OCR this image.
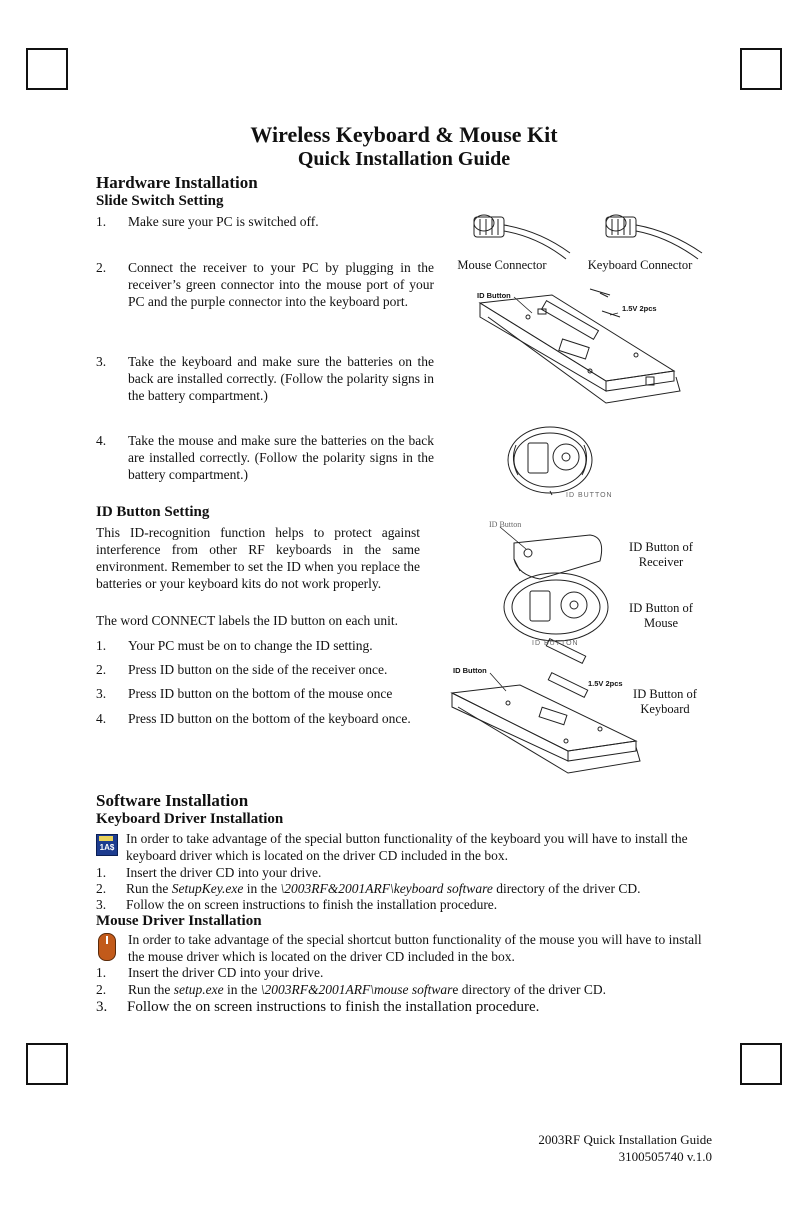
Wireless Keyboard & Mouse Kit
Quick Installation Guide
Hardware Installation
Slide Switch Setting
1. Make sure your PC is switched off.
2. Connect the receiver to your PC by plugging in the receiver’s green connector into the mouse port of your PC and the purple connector into the keyboard port.
3. Take the keyboard and make sure the batteries on the back are installed correctly. (Follow the polarity signs in the battery compartment.)
4. Take the mouse and make sure the batteries on the back are installed correctly. (Follow the polarity signs in the battery compartment.)
Mouse Connector	Keyboard Connector
ID Button
1.5V 2pcs
ID BUTTON
ID Button Setting
This ID-recognition function helps to protect against interference from other RF keyboards in the same environment. Remember to set the ID when you replace the batteries or your keyboard kits do not work properly.
The word CONNECT labels the ID button on each unit.
1. Your PC must be on to change the ID setting.
2. Press ID button on the side of the receiver once.
3. Press ID button on the bottom of the mouse once
4. Press ID button on the bottom of the keyboard once.
ID Button
ID Button of Receiver
ID Button of Mouse
ID Button of Keyboard
ID BUTTON
ID Button
1.5V 2pcs
Software Installation
Keyboard Driver Installation
1A$
In order to take advantage of the special button functionality of the keyboard you will have to install the keyboard driver which is located on the driver CD included in the box.
1. Insert the driver CD into your drive.
2. Run the SetupKey.exe in the \2003RF&2001ARF\keyboard software directory of the driver CD.
3. Follow the on screen instructions to finish the installation procedure.
Mouse Driver Installation
In order to take advantage of the special shortcut button functionality of the mouse you will have to install the mouse driver which is located on the driver CD included in the box.
1. Insert the driver CD into your drive.
2. Run the setup.exe in the \2003RF&2001ARF\mouse software directory of the driver CD.
3. Follow the on screen instructions to finish the installation procedure.
2003RF Quick Installation Guide
3100505740 v.1.0
